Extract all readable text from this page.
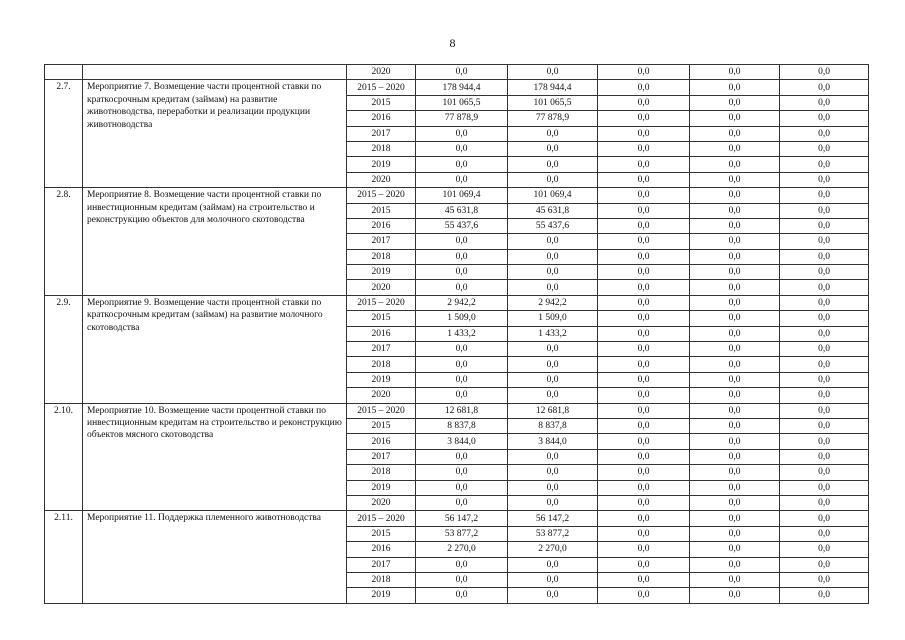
8
		2020	0,0	0,0	0,0	0,0	0,0
2.7.	Мероприятие 7. Возмещение части процентной ставки по краткосрочным кредитам (займам) на развитие животноводства, переработки и реализации продукции животноводства	2015 – 2020	178 944,4	178 944,4	0,0	0,0	0,0
		2015	101 065,5	101 065,5	0,0	0,0	0,0
		2016	77 878,9	77 878,9	0,0	0,0	0,0
		2017	0,0	0,0	0,0	0,0	0,0
		2018	0,0	0,0	0,0	0,0	0,0
		2019	0,0	0,0	0,0	0,0	0,0
		2020	0,0	0,0	0,0	0,0	0,0
2.8.	Мероприятие 8. Возмещение части процентной ставки по инвестиционным кредитам (займам) на строительство и реконструкцию объектов для молочного скотоводства	2015 – 2020	101 069,4	101 069,4	0,0	0,0	0,0
		2015	45 631,8	45 631,8	0,0	0,0	0,0
		2016	55 437,6	55 437,6	0,0	0,0	0,0
		2017	0,0	0,0	0,0	0,0	0,0
		2018	0,0	0,0	0,0	0,0	0,0
		2019	0,0	0,0	0,0	0,0	0,0
		2020	0,0	0,0	0,0	0,0	0,0
2.9.	Мероприятие 9. Возмещение части процентной ставки по краткосрочным кредитам (займам) на развитие молочного скотоводства	2015 – 2020	2 942,2	2 942,2	0,0	0,0	0,0
		2015	1 509,0	1 509,0	0,0	0,0	0,0
		2016	1 433,2	1 433,2	0,0	0,0	0,0
		2017	0,0	0,0	0,0	0,0	0,0
		2018	0,0	0,0	0,0	0,0	0,0
		2019	0,0	0,0	0,0	0,0	0,0
		2020	0,0	0,0	0,0	0,0	0,0
2.10.	Мероприятие 10. Возмещение части процентной ставки по инвестиционным кредитам на строительство и реконструкцию объектов мясного скотоводства	2015 – 2020	12 681,8	12 681,8	0,0	0,0	0,0
		2015	8 837,8	8 837,8	0,0	0,0	0,0
		2016	3 844,0	3 844,0	0,0	0,0	0,0
		2017	0,0	0,0	0,0	0,0	0,0
		2018	0,0	0,0	0,0	0,0	0,0
		2019	0,0	0,0	0,0	0,0	0,0
		2020	0,0	0,0	0,0	0,0	0,0
2.11.	Мероприятие 11. Поддержка племенного животноводства	2015 – 2020	56 147,2	56 147,2	0,0	0,0	0,0
		2015	53 877,2	53 877,2	0,0	0,0	0,0
		2016	2 270,0	2 270,0	0,0	0,0	0,0
		2017	0,0	0,0	0,0	0,0	0,0
		2018	0,0	0,0	0,0	0,0	0,0
		2019	0,0	0,0	0,0	0,0	0,0
